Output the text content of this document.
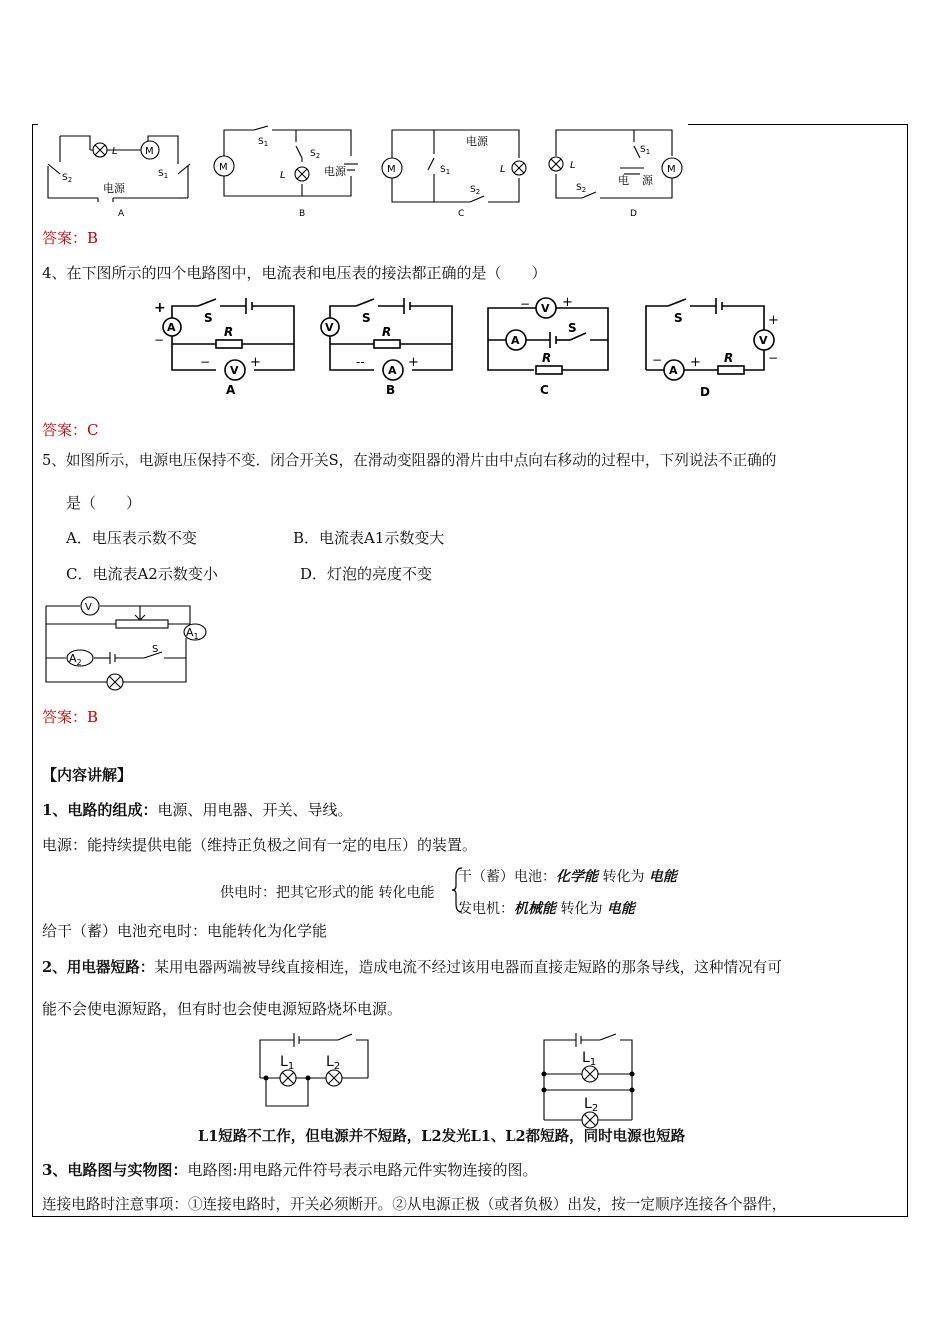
M
L
$S_2$
$S_1$
电源
A
M
$S_1$
$S_2$
L	电源
B
电源
M	$S_1$	L
$S_2$
C
L
$S_1$
电 源
M
$S_2$
D
答案：B
4、在下图所示的四个电路图中，电流表和电压表的接法都正确的是（　　）
A
V
+
−
S
R
−	+
A
V
A
S
R
--	+
B
V
− +
A
S
R
C
S	+
V
−
A
− + R
D
答案：C
5、如图所示，电源电压保持不变．闭合开关S，在滑动变阻器的滑片由中点向右移动的过程中，下列说法不正确的
是（　　）
A．电压表示数不变	B．电流表A1示数变大
C．电流表A2示数变小	D．灯泡的亮度不变
V
$A_1$
$A_2$
S
答案：B
【内容讲解】
1、电路的组成：电源、用电器、开关、导线。
电源：能持续提供电能（维持正负极之间有一定的电压）的装置。
供电时：把其它形式的能 转化电能
干（蓄）电池：化学能 转化为 电能
发电机：机械能 转化为 电能
给干（蓄）电池充电时：电能转化为化学能
2、用电器短路：某用电器两端被导线直接相连，造成电流不经过该用电器而直接走短路的那条导线，这种情况有可
能不会使电源短路，但有时也会使电源短路烧坏电源。
$L_1$ $L_2$
$L_1$
$L_2$
L1短路不工作，但电源并不短路，L2发光L1、L2都短路，同时电源也短路
3、电路图与实物图：电路图:用电路元件符号表示电路元件实物连接的图。
连接电路时注意事项：①连接电路时，开关必须断开。②从电源正极（或者负极）出发，按一定顺序连接各个器件，
